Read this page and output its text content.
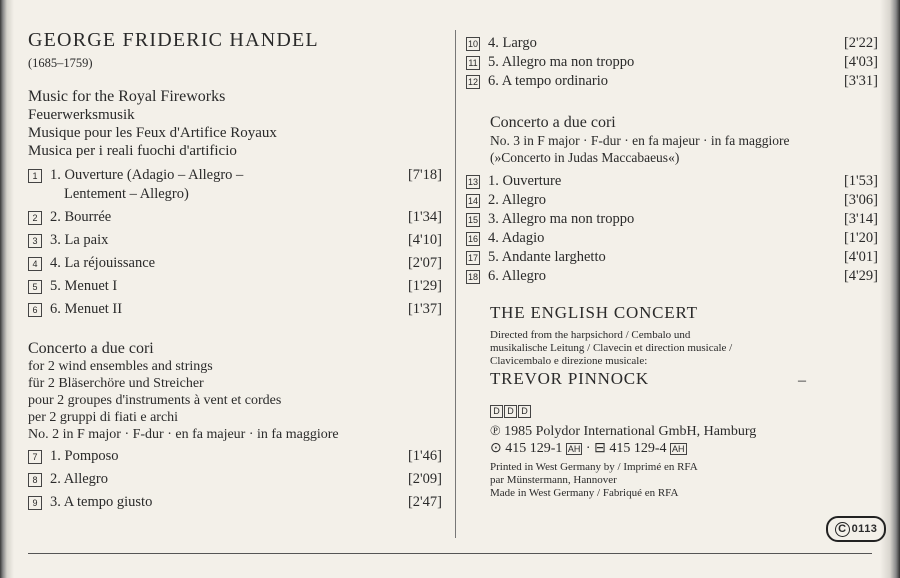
GEORGE FRIDERIC HANDEL
(1685–1759)
Music for the Royal Fireworks
Feuerwerksmusik
Musique pour les Feux d'Artifice Royaux
Musica per i reali fuochi d'artificio
1 1. Ouverture (Adagio – Allegro –
Lentement – Allegro)
[7'18]
2 2. Bourrée	[1'34]
3 3. La paix	[4'10]
4 4. La réjouissance	[2'07]
5 5. Menuet I	[1'29]
6 6. Menuet II	[1'37]
Concerto a due cori
for 2 wind ensembles and strings
für 2 Bläserchöre und Streicher
pour 2 groupes d'instruments à vent et cordes
per 2 gruppi di fiati e archi
No. 2 in F major · F-dur · en fa majeur · in fa maggiore
7 1. Pomposo	[1'46]
8 2. Allegro	[2'09]
9 3. A tempo giusto	[2'47]
10 4. Largo	[2'22]
11 5. Allegro ma non troppo	[4'03]
12 6. A tempo ordinario	[3'31]
Concerto a due cori
No. 3 in F major · F-dur · en fa majeur · in fa maggiore
(»Concerto in Judas Maccabaeus«)
13 1. Ouverture	[1'53]
14 2. Allegro	[3'06]
15 3. Allegro ma non troppo	[3'14]
16 4. Adagio	[1'20]
17 5. Andante larghetto	[4'01]
18 6. Allegro	[4'29]
THE ENGLISH CONCERT
Directed from the harpsichord / Cembalo und
musikalische Leitung / Clavecin et direction musicale /
Clavicembalo e direzione musicale:
TREVOR PINNOCK	–
D D D
℗ 1985 Polydor International GmbH, Hamburg
⊙ 415 129-1 AH · ⊟ 415 129-4 AH
Printed in West Germany by / Imprimé en RFA
par Münstermann, Hannover
Made in West Germany / Fabriqué en RFA
C 0113
